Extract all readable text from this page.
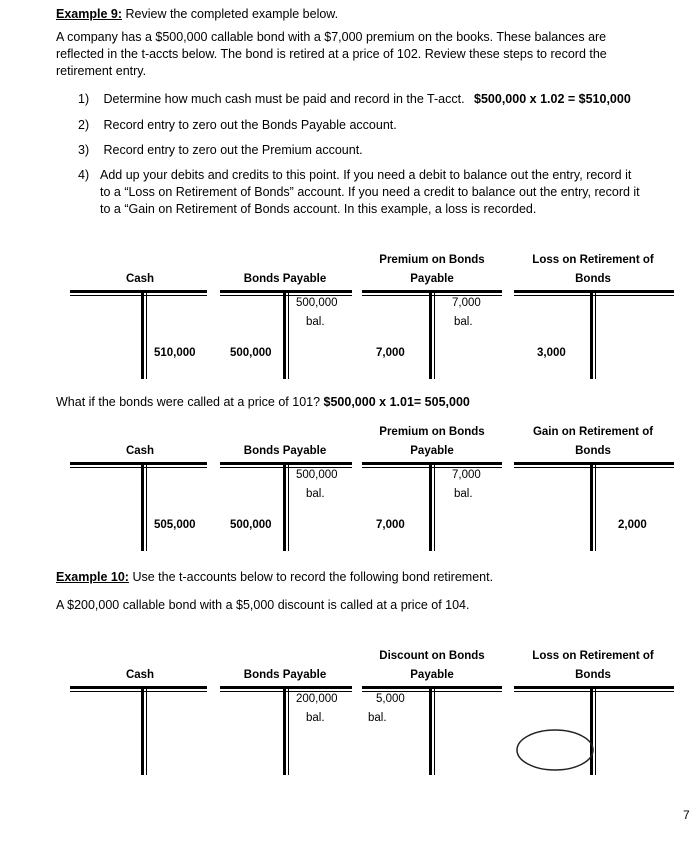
Example 9: Review the completed example below.
A company has a $500,000 callable bond with a $7,000 premium on the books. These balances are
reflected in the t-accts below. The bond is retired at a price of 102. Review these steps to record the
retirement entry.
1) Determine how much cash must be paid and record in the T-acct. $500,000 x 1.02 = $510,000
2) Record entry to zero out the Bonds Payable account.
3) Record entry to zero out the Premium account.
4) Add up your debits and credits to this point. If you need a debit to balance out the entry, record it
to a “Loss on Retirement of Bonds” account. If you need a credit to balance out the entry, record it
to a “Gain on Retirement of Bonds account. In this example, a loss is recorded.
Cash	Bonds Payable
Premium on Bonds Payable
Loss on Retirement of Bonds
500,000
bal.
7,000
bal.
510,000	500,000	7,000	3,000
What if the bonds were called at a price of 101? $500,000 x 1.01= 505,000
Cash	Bonds Payable
Premium on Bonds Payable
Gain on Retirement of Bonds
500,000
bal.
7,000
bal.
505,000	500,000	7,000	2,000
Example 10: Use the t-accounts below to record the following bond retirement.
A $200,000 callable bond with a $5,000 discount is called at a price of 104.
Cash	Bonds Payable
Discount on Bonds Payable
Loss on Retirement of Bonds
200,000
bal.
5,000
bal.
7
